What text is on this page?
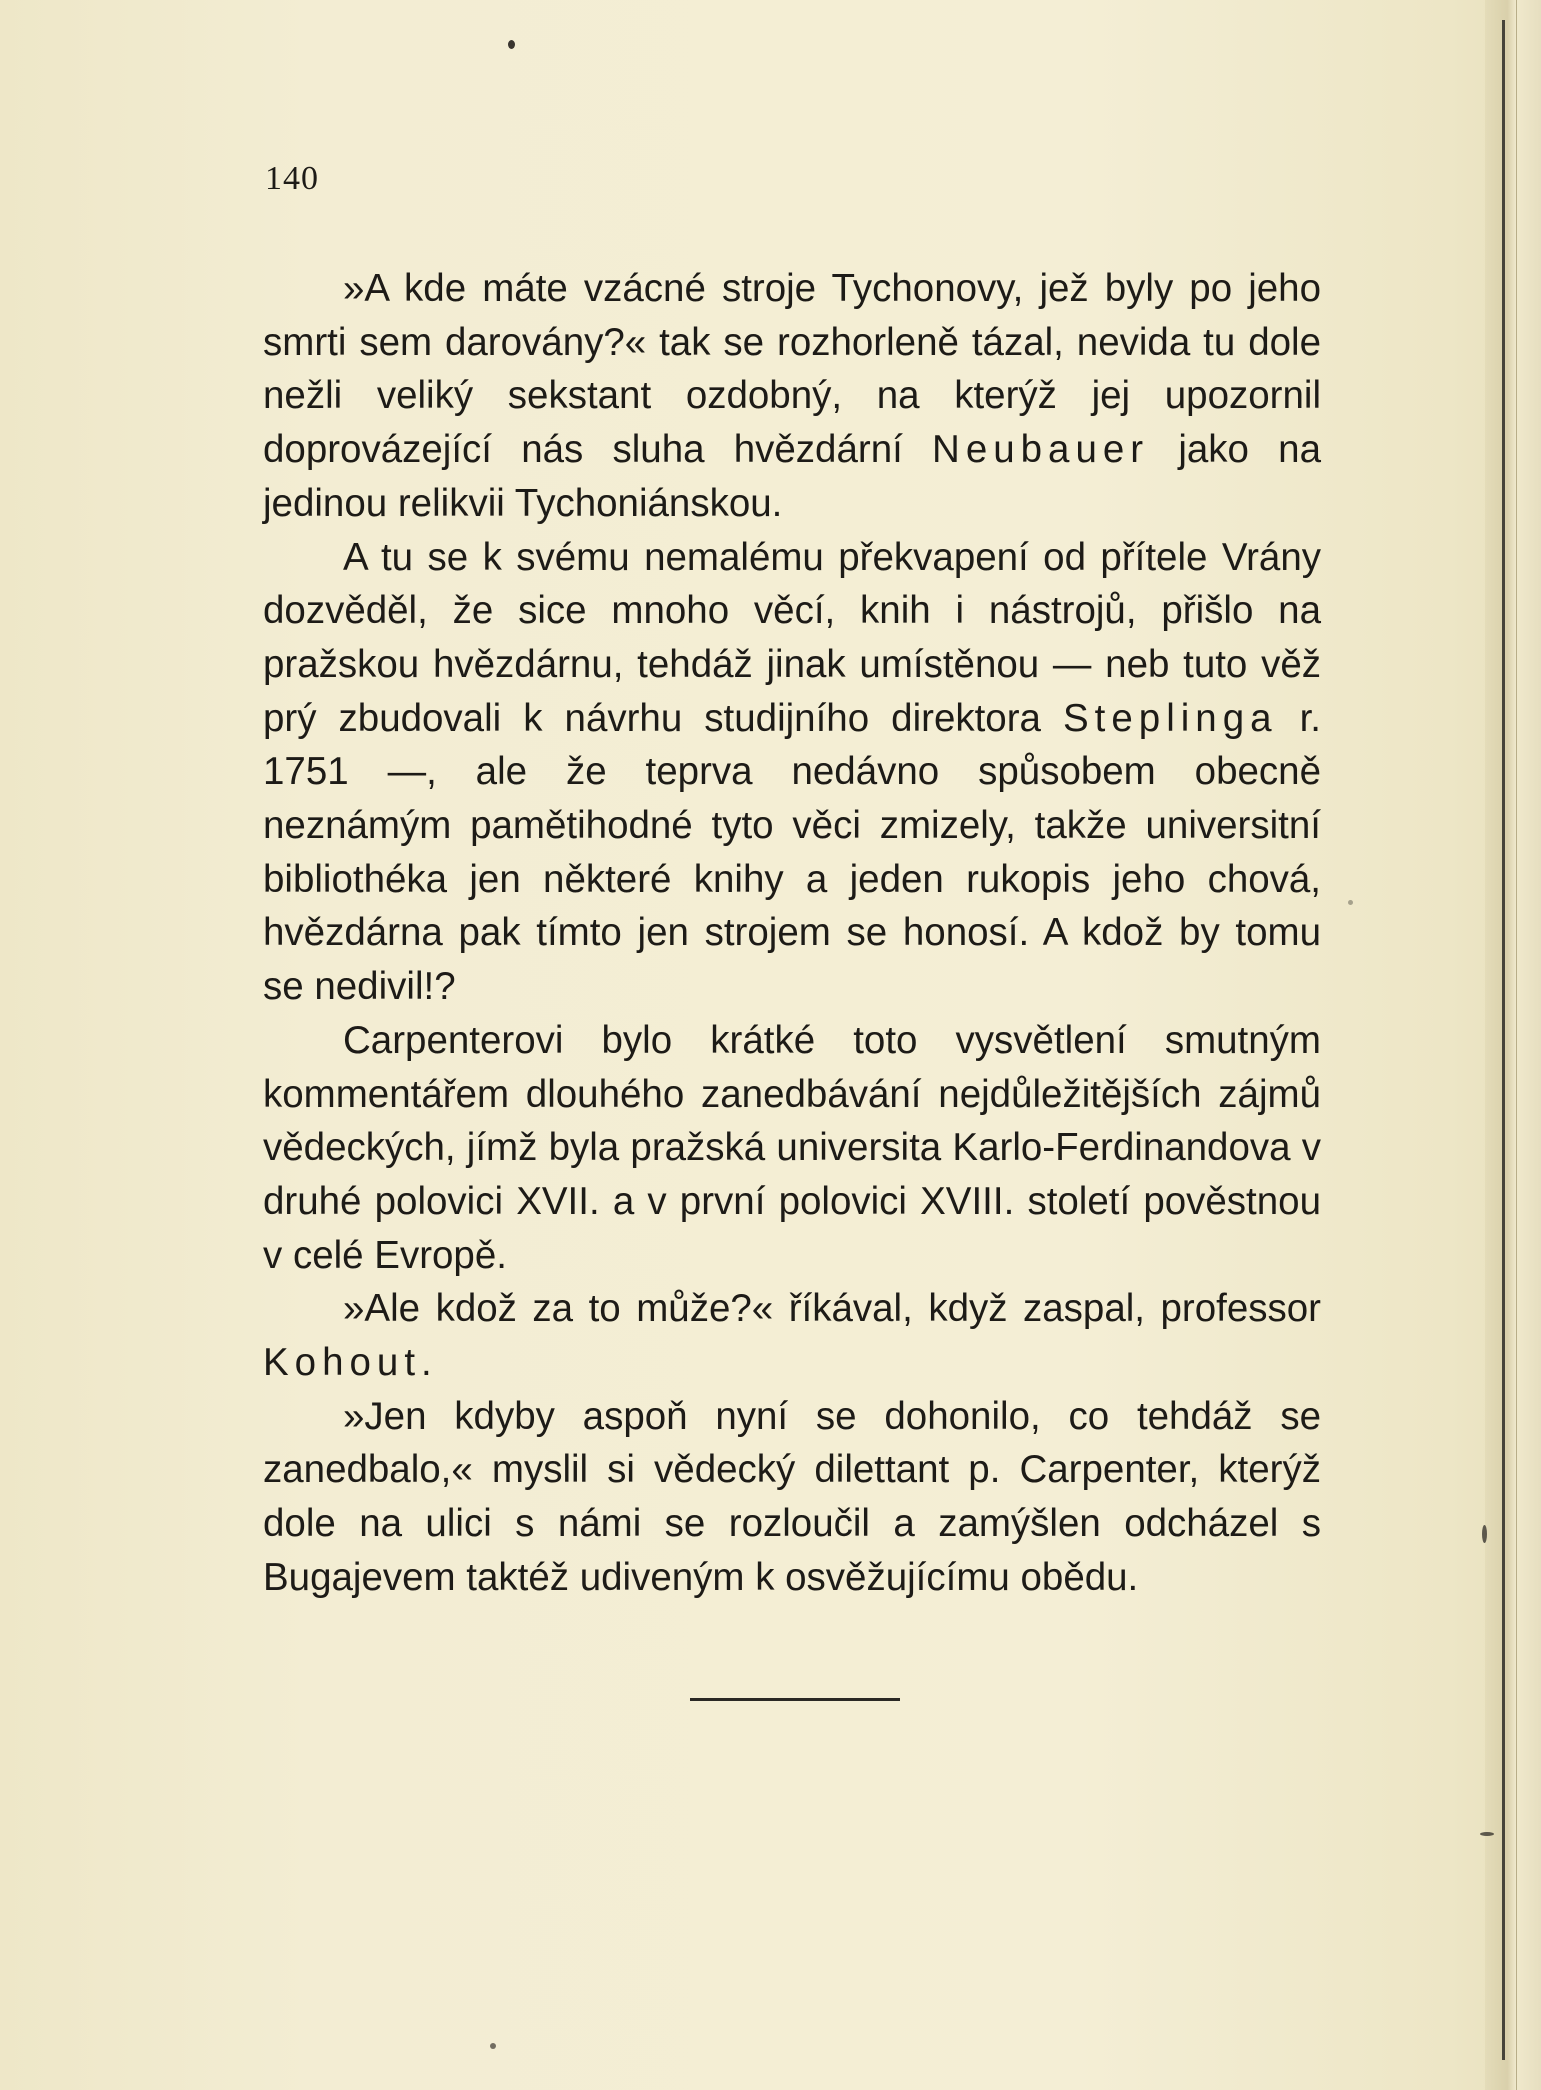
140

»A kde máte vzácné stroje Tychonovy, jež byly po jeho smrti sem darovány?« tak se rozhorleně tázal, nevida tu dole nežli veliký sekstant ozdobný, na kterýž jej upozornil doprovázející nás sluha hvězdární Neubauer jako na jedinou relikvii Tychoniánskou.

A tu se k svému nemalému překvapení od přítele Vrány dozvěděl, že sice mnoho věcí, knih i nástrojů, přišlo na pražskou hvězdárnu, tehdáž jinak umístěnou — neb tuto věž prý zbudovali k návrhu studijního direktora Steplinga r. 1751 —, ale že teprva nedávno spůsobem obecně neznámým pamětihodné tyto věci zmizely, takže universitní bibliothéka jen některé knihy a jeden rukopis jeho chová, hvězdárna pak tímto jen strojem se honosí. A kdož by tomu se nedivil!?

Carpenterovi bylo krátké toto vysvětlení smutným kommentářem dlouhého zanedbávání nejdůležitějších zájmů vědeckých, jímž byla pražská universita Karlo-Ferdinandova v druhé polovici XVII. a v první polovici XVIII. století pověstnou v celé Evropě.

»Ale kdož za to může?« říkával, když zaspal, professor Kohout.

»Jen kdyby aspoň nyní se dohonilo, co tehdáž se zanedbalo,« myslil si vědecký dilettant p. Carpenter, kterýž dole na ulici s námi se rozloučil a zamýšlen odcházel s Bugajevem taktéž udiveným k osvěžujícímu obědu.
